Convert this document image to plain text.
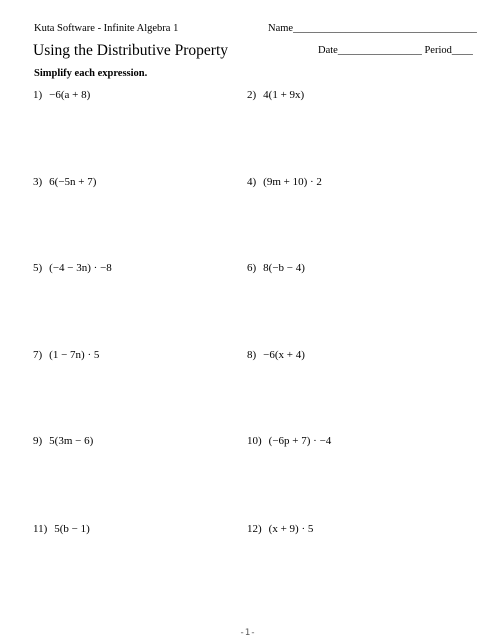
Kuta Software - Infinite Algebra 1	Name___________________________________
Using the Distributive Property	Date________________ Period____
Simplify each expression.
1) −6(a + 8)	2) 4(1 + 9x)
3) 6(−5n + 7)	4) (9m + 10) · 2
5) (−4 − 3n) · −8	6) 8(−b − 4)
7) (1 − 7n) · 5	8) −6(x + 4)
9) 5(3m − 6)	10) (−6p + 7) · −4
11) 5(b − 1)	12) (x + 9) · 5
-1-
